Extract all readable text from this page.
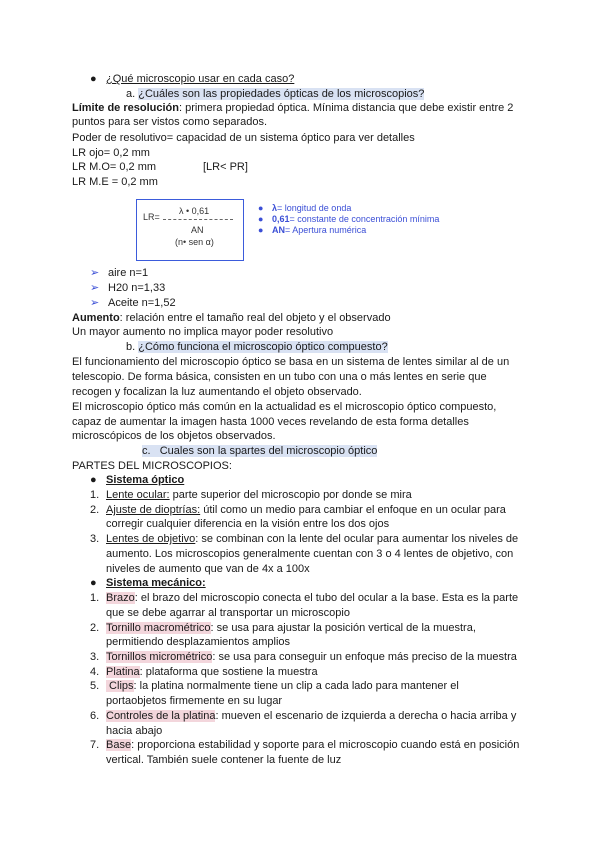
● ¿Qué microscopio usar en cada caso?
a. ¿Cuáles son las propiedades ópticas de los microscopios?
Límite de resolución: primera propiedad óptica. Mínima distancia que debe existir entre 2
puntos para ser vistos como separados.
Poder de resolutivo= capacidad de un sistema óptico para ver detalles
LR ojo= 0,2 mm
LR M.O= 0,2 mm	[LR< PR]
LR M.E = 0,2 mm
LR=
λ • 0,61
AN
(n• sen α)
● λ= longitud de onda
● 0,61= constante de concentración mínima
● AN= Apertura numérica
➢ aire n=1
➢ H20 n=1,33
➢ Aceite n=1,52
Aumento: relación entre el tamaño real del objeto y el observado
Un mayor aumento no implica mayor poder resolutivo
b. ¿Cómo funciona el microscopio óptico compuesto?
El funcionamiento del microscopio óptico se basa en un sistema de lentes similar al de un
telescopio. De forma básica, consisten en un tubo con una o más lentes en serie que
recogen y focalizan la luz aumentando el objeto observado.
El microscopio óptico más común en la actualidad es el microscopio óptico compuesto,
capaz de aumentar la imagen hasta 1000 veces revelando de esta forma detalles
microscópicos de los objetos observados.
c. Cuales son la spartes del microscopio óptico
PARTES DEL MICROSCOPIOS:
● Sistema óptico
1. Lente ocular: parte superior del microscopio por donde se mira
2. Ajuste de dioptrías: útil como un medio para cambiar el enfoque en un ocular para
corregir cualquier diferencia en la visión entre los dos ojos
3. Lentes de objetivo: se combinan con la lente del ocular para aumentar los niveles de
aumento. Los microscopios generalmente cuentan con 3 o 4 lentes de objetivo, con
niveles de aumento que van de 4x a 100x
● Sistema mecánico:
1. Brazo: el brazo del microscopio conecta el tubo del ocular a la base. Esta es la parte
que se debe agarrar al transportar un microscopio
2. Tornillo macrométrico: se usa para ajustar la posición vertical de la muestra,
permitiendo desplazamientos amplios
3. Tornillos micrométrico: se usa para conseguir un enfoque más preciso de la muestra
4. Platina: plataforma que sostiene la muestra
5. Clips: la platina normalmente tiene un clip a cada lado para mantener el
portaobjetos firmemente en su lugar
6. Controles de la platina: mueven el escenario de izquierda a derecha o hacia arriba y
hacia abajo
7. Base: proporciona estabilidad y soporte para el microscopio cuando está en posición
vertical. También suele contener la fuente de luz
